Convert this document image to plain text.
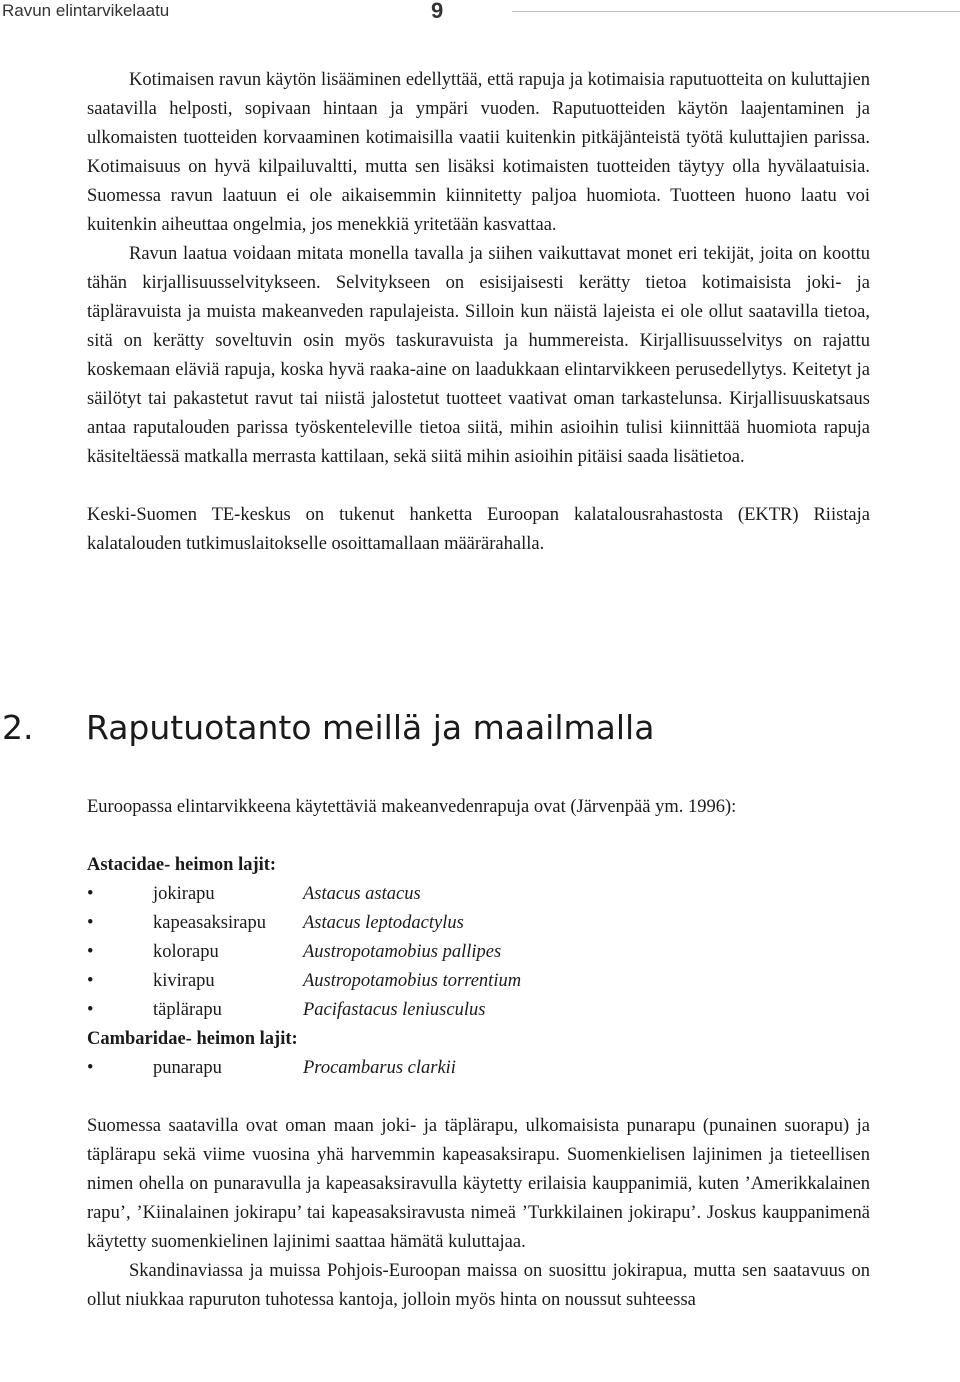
Ravun elintarvikelaatu	9

Kotimaisen ravun käytön lisääminen edellyttää, että rapuja ja kotimaisia raputuotteita on kuluttajien saatavilla helposti, sopivaan hintaan ja ympäri vuoden. Raputuotteiden käytön laajentaminen ja ulkomaisten tuotteiden korvaaminen kotimaisilla vaatii kuitenkin pitkäjänteistä työtä kuluttajien parissa. Kotimaisuus on hyvä kilpailuvaltti, mutta sen lisäksi kotimaisten tuotteiden täytyy olla hyvälaatuisia. Suomessa ravun laatuun ei ole aikaisemmin kiinnitetty paljoa huomiota. Tuotteen huono laatu voi kuitenkin aiheuttaa ongelmia, jos menekkiä yritetään kasvattaa.

Ravun laatua voidaan mitata monella tavalla ja siihen vaikuttavat monet eri tekijät, joita on koottu tähän kirjallisuusselvitykseen. Selvitykseen on esisijaisesti kerätty tietoa kotimaisista joki- ja täpläravuista ja muista makeanveden rapulajeista. Silloin kun näistä lajeista ei ole ollut saatavilla tietoa, sitä on kerätty soveltuvin osin myös taskuravuista ja hummereista. Kirjallisuusselvitys on rajattu koskemaan eläviä rapuja, koska hyvä raaka-aine on laadukkaan elintarvikkeen perusedellytys. Keitetyt ja säilötyt tai pakastetut ravut tai niistä jalostetut tuotteet vaativat oman tarkastelunsa. Kirjallisuuskatsaus antaa raputalouden parissa työskenteleville tietoa siitä, mihin asioihin tulisi kiinnittää huomiota rapuja käsiteltäessä matkalla merrasta kattilaan, sekä siitä mihin asioihin pitäisi saada lisätietoa.

Keski-Suomen TE-keskus on tukenut hanketta Euroopan kalatalousrahastosta (EKTR) Riistaja kalatalouden tutkimuslaitokselle osoittamallaan määrärahalla.

2. Raputuotanto meillä ja maailmalla

Euroopassa elintarvikkeena käytettäviä makeanvedenrapuja ovat (Järvenpää ym. 1996):

Astacidae- heimon lajit:
•	jokirapu	Astacus astacus
•	kapeasaksirapu	Astacus leptodactylus
•	kolorapu	Austropotamobius pallipes
•	kivirapu	Austropotamobius torrentium
•	täplärapu	Pacifastacus leniusculus
Cambaridae- heimon lajit:
•	punarapu	Procambarus clarkii

Suomessa saatavilla ovat oman maan joki- ja täplärapu, ulkomaisista punarapu (punainen suorapu) ja täplärapu sekä viime vuosina yhä harvemmin kapeasaksirapu. Suomenkielisen lajinimen ja tieteellisen nimen ohella on punaravulla ja kapeasaksiravulla käytetty erilaisia kauppanimiä, kuten ’Amerikkalainen rapu’, ’Kiinalainen jokirapu’ tai kapeasaksiravusta nimeä ’Turkkilainen jokirapu’. Joskus kauppanimenä käytetty suomenkielinen lajinimi saattaa hämätä kuluttajaa.

Skandinaviassa ja muissa Pohjois-Euroopan maissa on suosittu jokirapua, mutta sen saatavuus on ollut niukkaa rapuruton tuhotessa kantoja, jolloin myös hinta on noussut suhteessa
